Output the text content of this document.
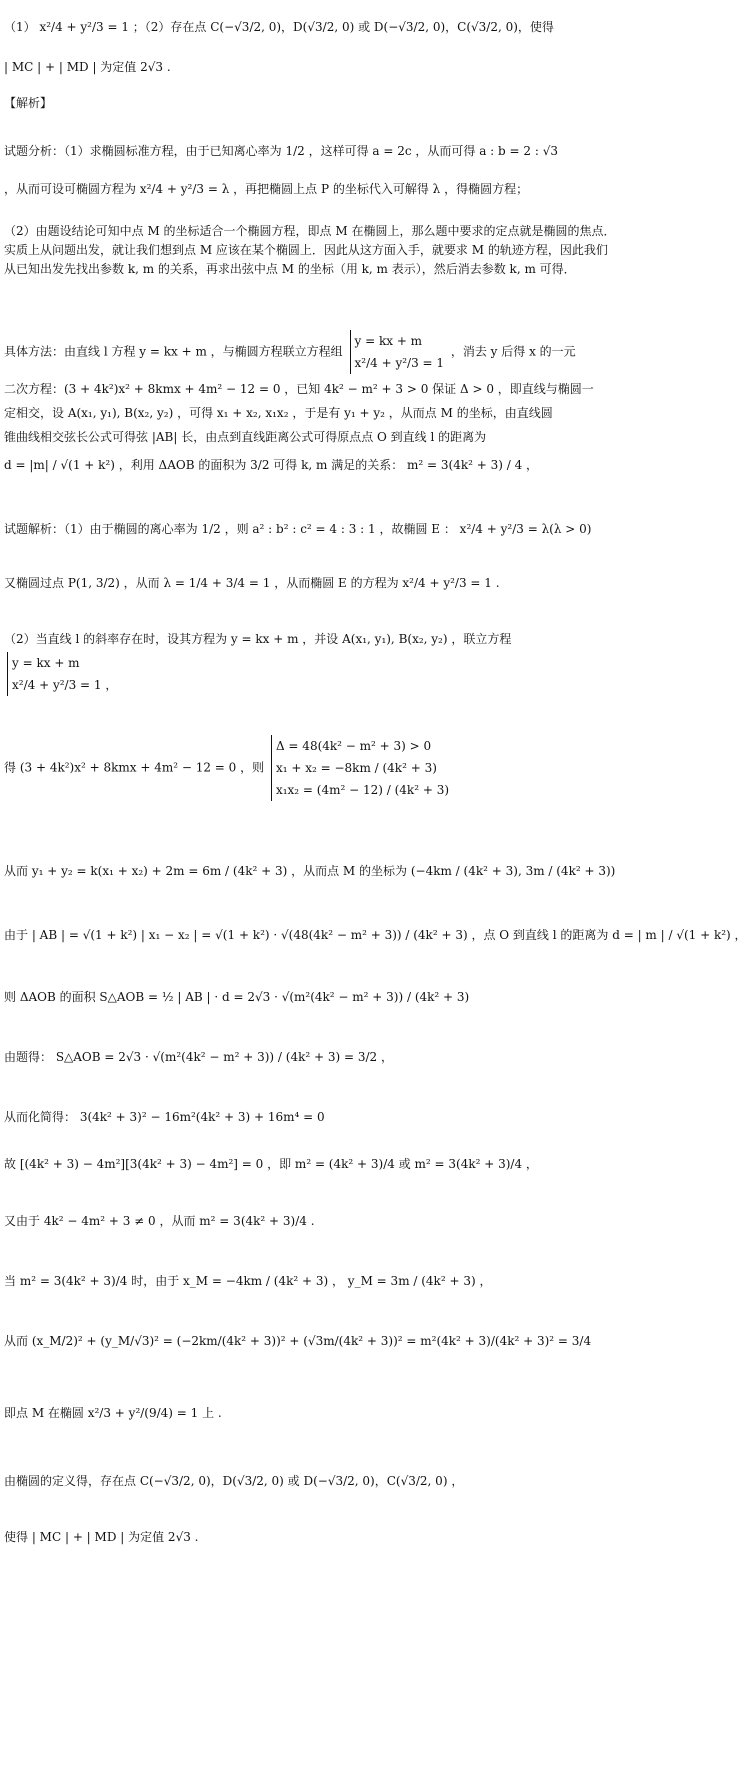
（1） x²/4 + y²/3 = 1 ；（2）存在点 C(−√3/2, 0)，D(√3/2, 0) 或 D(−√3/2, 0)，C(√3/2, 0)，使得
| MC | + | MD | 为定值 2√3 .
【解析】
试题分析：（1）求椭圆标准方程，由于已知离心率为 1/2 ，这样可得 a = 2c ，从而可得 a : b = 2 : √3
，从而可设可椭圆方程为 x²/4 + y²/3 = λ ，再把椭圆上点 P 的坐标代入可解得 λ ，得椭圆方程；
（2）由题设结论可知中点 M 的坐标适合一个椭圆方程，即点 M 在椭圆上，那么题中要求的定点就是椭圆的焦点．实质上从问题出发，就让我们想到点 M 应该在某个椭圆上．因此从这方面入手，就要求 M 的轨迹方程，因此我们从已知出发先找出参数 k, m 的关系，再求出弦中点 M 的坐标（用 k, m 表示），然后消去参数 k, m 可得．
具体方法：由直线 l 方程 y = kx + m ，与椭圆方程联立方程组
y = kx + m
x²/4 + y²/3 = 1
，消去 y 后得 x 的一元
二次方程：(3 + 4k²)x² + 8kmx + 4m² − 12 = 0 ，已知 4k² − m² + 3 > 0 保证 Δ > 0 ，即直线与椭圆一
定相交，设 A(x₁, y₁), B(x₂, y₂) ，可得 x₁ + x₂, x₁x₂ ，于是有 y₁ + y₂ ，从而点 M 的坐标，由直线圆
锥曲线相交弦长公式可得弦 |AB| 长，由点到直线距离公式可得原点点 O 到直线 l 的距离为
d = |m| / √(1 + k²) ，利用 ΔAOB 的面积为 3/2 可得 k, m 满足的关系： m² = 3(4k² + 3) / 4 ，
试题解析：（1）由于椭圆的离心率为 1/2 ，则 a² : b² : c² = 4 : 3 : 1 ，故椭圆 E ： x²/4 + y²/3 = λ(λ > 0)
又椭圆过点 P(1, 3/2) ，从而 λ = 1/4 + 3/4 = 1 ，从而椭圆 E 的方程为 x²/4 + y²/3 = 1 .
（2）当直线 l 的斜率存在时，设其方程为 y = kx + m ，并设 A(x₁, y₁), B(x₂, y₂) ，联立方程
y = kx + m
x²/4 + y²/3 = 1 ，
得 (3 + 4k²)x² + 8kmx + 4m² − 12 = 0 ，则
Δ = 48(4k² − m² + 3) > 0
x₁ + x₂ = −8km / (4k² + 3)
x₁x₂ = (4m² − 12) / (4k² + 3)
从而 y₁ + y₂ = k(x₁ + x₂) + 2m = 6m / (4k² + 3) ，从而点 M 的坐标为 (−4km / (4k² + 3), 3m / (4k² + 3))
由于 | AB | = √(1 + k²) | x₁ − x₂ | = √(1 + k²) · √(48(4k² − m² + 3)) / (4k² + 3) ，点 O 到直线 l 的距离为 d = | m | / √(1 + k²) ，
则 ΔAOB 的面积 S△AOB = ½ | AB | · d = 2√3 · √(m²(4k² − m² + 3)) / (4k² + 3)
由题得： S△AOB = 2√3 · √(m²(4k² − m² + 3)) / (4k² + 3) = 3/2 ，
从而化简得： 3(4k² + 3)² − 16m²(4k² + 3) + 16m⁴ = 0
故 [(4k² + 3) − 4m²][3(4k² + 3) − 4m²] = 0 ，即 m² = (4k² + 3)/4 或 m² = 3(4k² + 3)/4 ，
又由于 4k² − 4m² + 3 ≠ 0 ，从而 m² = 3(4k² + 3)/4 .
当 m² = 3(4k² + 3)/4 时，由于 x_M = −4km / (4k² + 3) ， y_M = 3m / (4k² + 3) ，
从而 (x_M/2)² + (y_M/√3)² = (−2km/(4k² + 3))² + (√3m/(4k² + 3))² = m²(4k² + 3)/(4k² + 3)² = 3/4
即点 M 在椭圆 x²/3 + y²/(9/4) = 1 上 .
由椭圆的定义得，存在点 C(−√3/2, 0)，D(√3/2, 0) 或 D(−√3/2, 0)，C(√3/2, 0) ，
使得 | MC | + | MD | 为定值 2√3 .
